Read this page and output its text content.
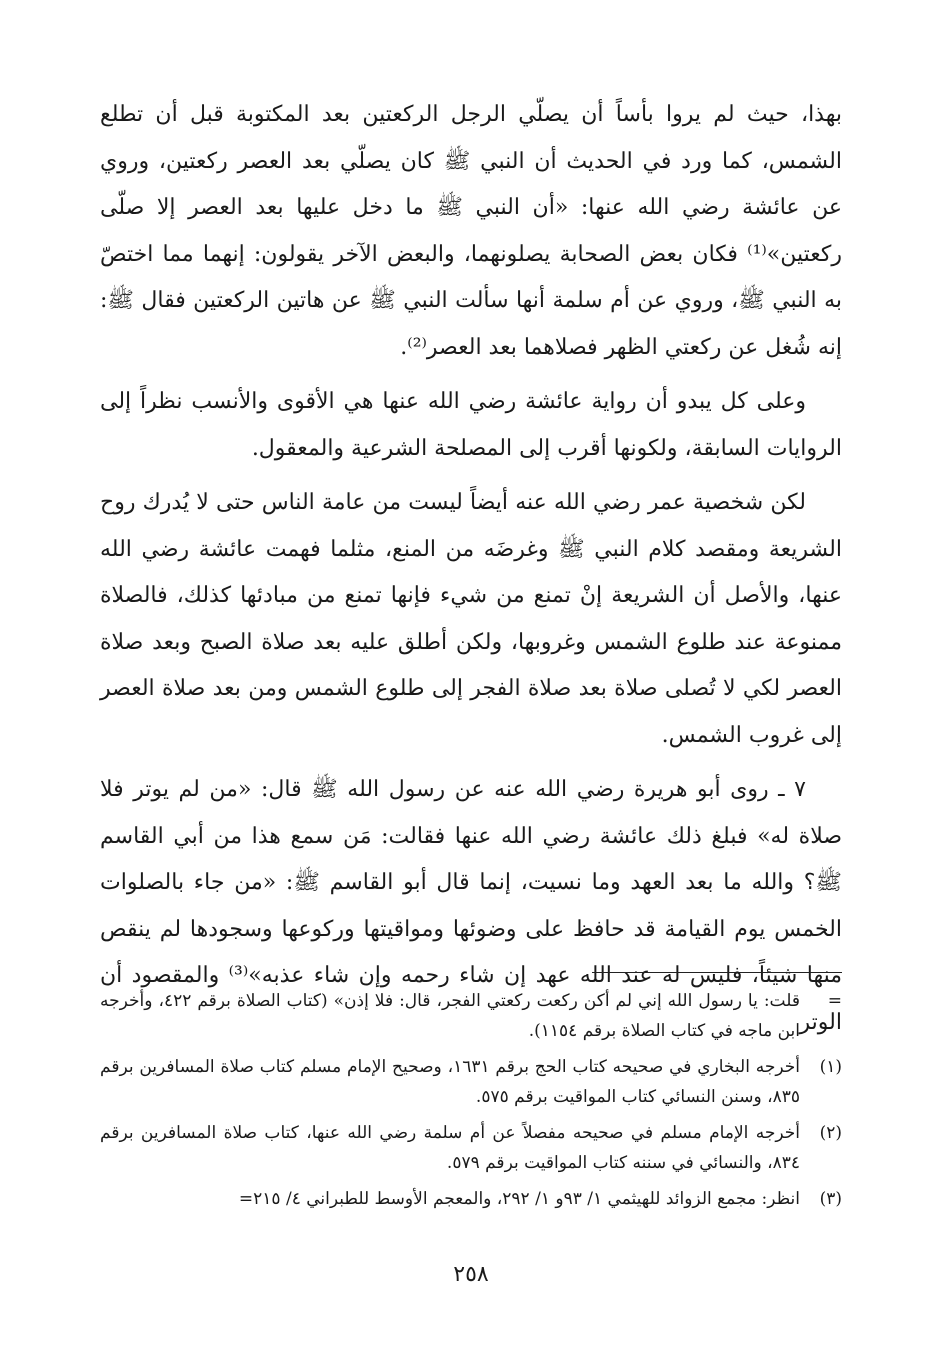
بهذا، حيث لم يروا بأساً أن يصلّي الرجل الركعتين بعد المكتوبة قبل أن تطلع الشمس، كما ورد في الحديث أن النبي ﷺ كان يصلّي بعد العصر ركعتين، وروي عن عائشة رضي الله عنها: «أن النبي ﷺ ما دخل عليها بعد العصر إلا صلّى ركعتين»⁽¹⁾ فكان بعض الصحابة يصلونهما، والبعض الآخر يقولون: إنهما مما اختصّ به النبي ﷺ، وروي عن أم سلمة أنها سألت النبي ﷺ عن هاتين الركعتين فقال ﷺ: إنه شُغل عن ركعتي الظهر فصلاهما بعد العصر⁽²⁾.

وعلى كل يبدو أن رواية عائشة رضي الله عنها هي الأقوى والأنسب نظراً إلى الروايات السابقة، ولكونها أقرب إلى المصلحة الشرعية والمعقول.

لكن شخصية عمر رضي الله عنه أيضاً ليست من عامة الناس حتى لا يُدرك روح الشريعة ومقصد كلام النبي ﷺ وغرضَه من المنع، مثلما فهمت عائشة رضي الله عنها، والأصل أن الشريعة إنْ تمنع من شيء فإنها تمنع من مبادئها كذلك، فالصلاة ممنوعة عند طلوع الشمس وغروبها، ولكن أطلق عليه بعد صلاة الصبح وبعد صلاة العصر لكي لا تُصلى صلاة بعد صلاة الفجر إلى طلوع الشمس ومن بعد صلاة العصر إلى غروب الشمس.

٧ ـ روى أبو هريرة رضي الله عنه عن رسول الله ﷺ قال: «من لم يوتر فلا صلاة له» فبلغ ذلك عائشة رضي الله عنها فقالت: مَن سمع هذا من أبي القاسم ﷺ؟ والله ما بعد العهد وما نسيت، إنما قال أبو القاسم ﷺ: «من جاء بالصلوات الخمس يوم القيامة قد حافظ على وضوئها ومواقيتها وركوعها وسجودها لم ينقص منها شيئاً، فليس له عند الله عهد إن شاء رحمه وإن شاء عذبه»⁽³⁾ والمقصود أن الوتر

=
قلت: يا رسول الله إني لم أكن ركعت ركعتي الفجر، قال: فلا إذن» (كتاب الصلاة برقم ٤٢٢، وأخرجه ابن ماجه في كتاب الصلاة برقم ١١٥٤).
(١)
أخرجه البخاري في صحيحه كتاب الحج برقم ١٦٣١، وصحيح الإمام مسلم كتاب صلاة المسافرين برقم ٨٣٥، وسنن النسائي كتاب المواقيت برقم ٥٧٥.
(٢)
أخرجه الإمام مسلم في صحيحه مفصلاً عن أم سلمة رضي الله عنها، كتاب صلاة المسافرين برقم ٨٣٤، والنسائي في سننه كتاب المواقيت برقم ٥٧٩.
(٣)
انظر: مجمع الزوائد للهيثمي ١/ ٩٣و ١/ ٢٩٢، والمعجم الأوسط للطبراني ٤/ ٢١٥=
٢٥٨
